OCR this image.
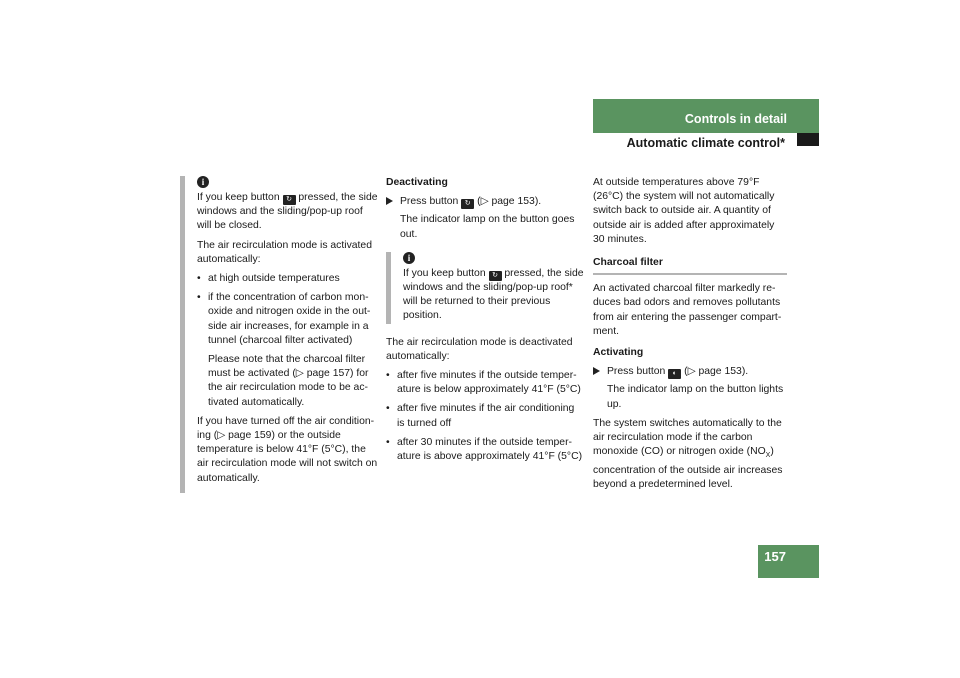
Controls in detail
Automatic climate control*
i

If you keep button ↻ pressed, the side windows and the sliding/pop-up roof will be closed.

The air recirculation mode is activated automatically:

• at high outside temperatures
• if the concentration of carbon mon-oxide and nitrogen oxide in the out-side air increases, for example in a tunnel (charcoal filter activated)
Please note that the charcoal filter must be activated (▷ page 157) for the air recirculation mode to be ac-tivated automatically.

If you have turned off the air condition-ing (▷ page 159) or the outside temperature is below 41°F (5°C), the air recirculation mode will not switch on automatically.

Deactivating
Press button ↻ (▷ page 153).

The indicator lamp on the button goes out.

i

If you keep button ↻ pressed, the side windows and the sliding/pop-up roof* will be returned to their previous position.

The air recirculation mode is deactivated automatically:

• after five minutes if the outside temper-ature is below approximately 41°F (5°C)
• after five minutes if the air conditioning is turned off
• after 30 minutes if the outside temper-ature is above approximately 41°F (5°C)

At outside temperatures above 79°F (26°C) the system will not automatically switch back to outside air. A quantity of outside air is added after approximately 30 minutes.

Charcoal filter

An activated charcoal filter markedly re-duces bad odors and removes pollutants from air entering the passenger compart-ment.

Activating
Press button ◐ (▷ page 153).

The indicator lamp on the button lights up.

The system switches automatically to the air recirculation mode if the carbon monoxide (CO) or nitrogen oxide $(NO_X)$ concentration of the outside air increases beyond a predetermined level.

157
